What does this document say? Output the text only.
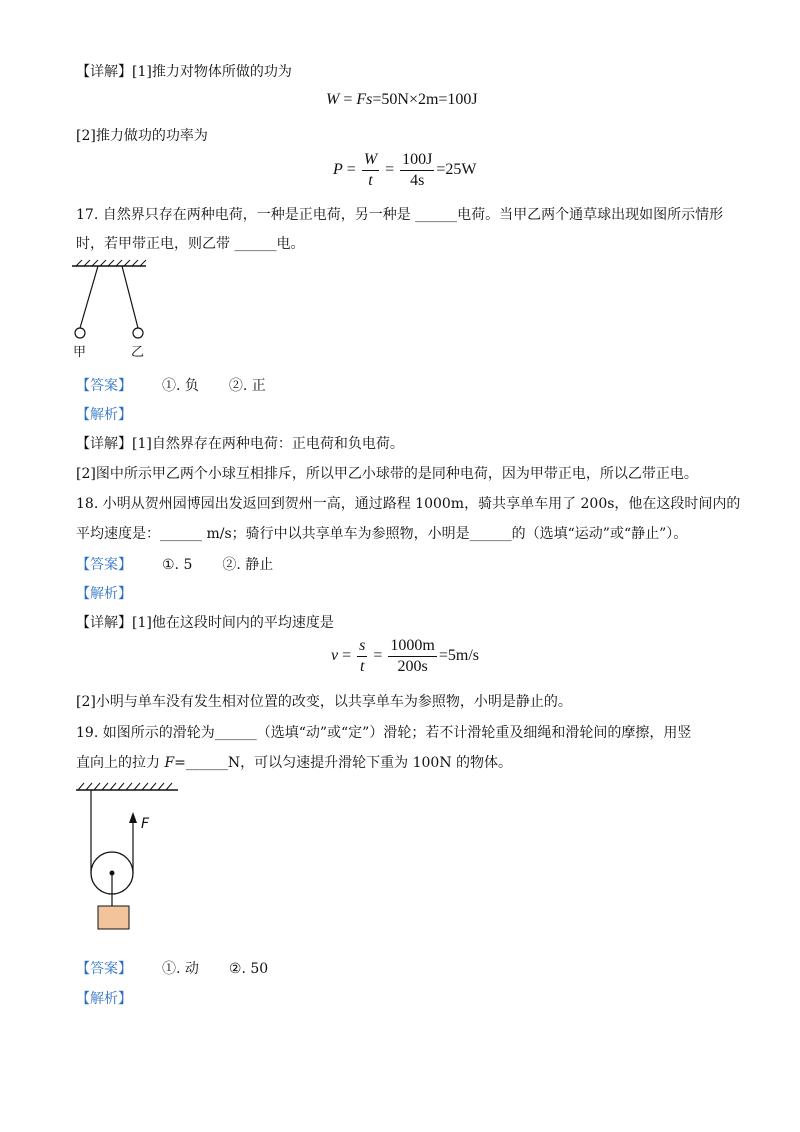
【详解】[1]推力对物体所做的功为
W = Fs=50N×2m=100J
[2]推力做功的功率为
$P = \frac{W}{t} = \frac{100J}{4s} =25W$
17. 自然界只存在两种电荷，一种是正电荷，另一种是 ______电荷。当甲乙两个通草球出现如图所示情形
时，若甲带正电，则乙带 ______电。
甲	乙
【答案】 ①. 负 ②. 正
【解析】
【详解】[1]自然界存在两种电荷：正电荷和负电荷。
[2]图中所示甲乙两个小球互相排斥，所以甲乙小球带的是同种电荷，因为甲带正电，所以乙带正电。
18. 小明从贺州园博园出发返回到贺州一高，通过路程 1000m，骑共享单车用了 200s，他在这段时间内的
平均速度是：______ m/s；骑行中以共享单车为参照物，小明是______的（选填“运动”或“静止”）。
【答案】 ①. 5 ②. 静止
【解析】
【详解】[1]他在这段时间内的平均速度是
$v = \frac{s}{t} = \frac{1000m}{200s} =5m/s$
[2]小明与单车没有发生相对位置的改变，以共享单车为参照物，小明是静止的。
19. 如图所示的滑轮为______（选填“动”或“定”）滑轮；若不计滑轮重及细绳和滑轮间的摩擦，用竖
直向上的拉力 F=______N，可以匀速提升滑轮下重为 100N 的物体。
F
【答案】 ①. 动 ②. 50
【解析】
